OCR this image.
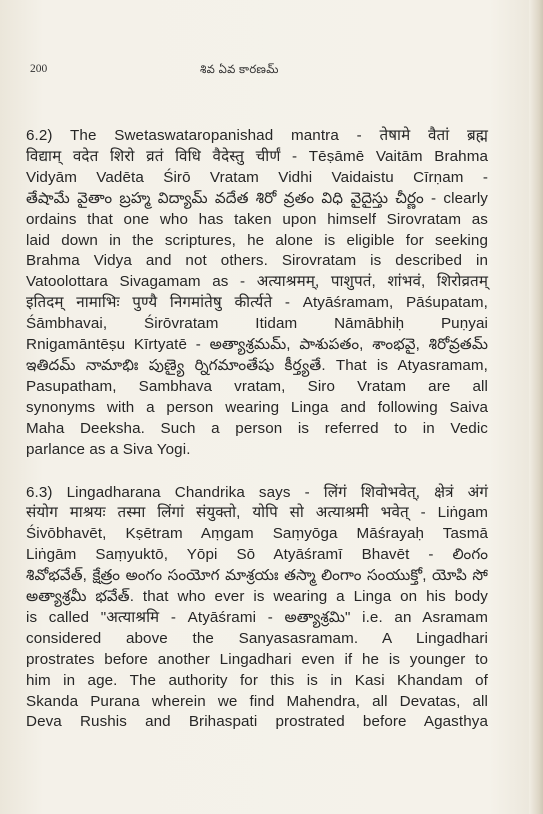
200	శివ ఏవ కారణమ్

6.2) The Swetaswataropanishad mantra - तेषामे वैतां ब्रह्म
विद्याम् वदेत शिरो व्रतं विधि वैदेस्तु चीर्णं - Tēṣāmē Vaitām Brahma
Vidyām Vadēta Śirō Vratam Vidhi Vaidaistu Cīrṇam -
తేషామే వైతాం బ్రహ్మ విద్యామ్ వదేత శిరో వ్రతం విధి వైదైస్తు చీర్ణం - clearly
ordains that one who has taken upon himself Sirovratam as
laid down in the scriptures, he alone is eligible for seeking
Brahma Vidya and not others. Sirovratam is described in
Vatoolottara Sivagamam as - अत्याश्रमम्, पाशुपतं, शांभवं, शिरोव्रतम्
इतिदम् नामाभिः पुण्यै निगमांतेषु कीर्त्यते - Atyāśramam, Pāśupatam,
Śāmbhavai, Śirōvratam Itidam Nāmābhiḥ Puṇyai
Rnigamāntēṣu Kīrtyatē - అత్యాశ్రమమ్, పాశుపతం, శాంభవై, శిరోవ్రతమ్
ఇతిదమ్ నామాభిః పుణ్యై ర్నిగమాంతేషు కీర్త్యతే. That is Atyasramam,
Pasupatham, Sambhava vratam, Siro Vratam are all
synonyms with a person wearing Linga and following Saiva
Maha Deeksha. Such a person is referred to in Vedic
parlance as a Siva Yogi.

6.3) Lingadharana Chandrika says - लिंगं शिवोभवेत्, क्षेत्रं अंगं
संयोग माश्रयः तस्मा लिंगां संयुक्तो, योपि सो अत्याश्रमी भवेत् - Liṅgam
Śivōbhavēt, Kṣētram Aṃgam Saṃyōga Māśrayaḥ Tasmā
Liṅgām Saṃyuktō, Yōpi Sō Atyāśramī Bhavēt - లింగం
శివోభవేత్, క్షేత్రం అంగం సంయోగ మాశ్రయః తస్మా లింగాం సంయుక్తో, యోపి సో
అత్యాశ్రమీ భవేత్. that who ever is wearing a Linga on his body
is called "अत्याश्रमि - Atyāśrami - అత్యాశ్రమి" i.e. an Asramam
considered above the Sanyasasramam. A Lingadhari
prostrates before another Lingadhari even if he is younger to
him in age. The authority for this is in Kasi Khandam of
Skanda Purana wherein we find Mahendra, all Devatas, all
Deva Rushis and Brihaspati prostrated before Agasthya
